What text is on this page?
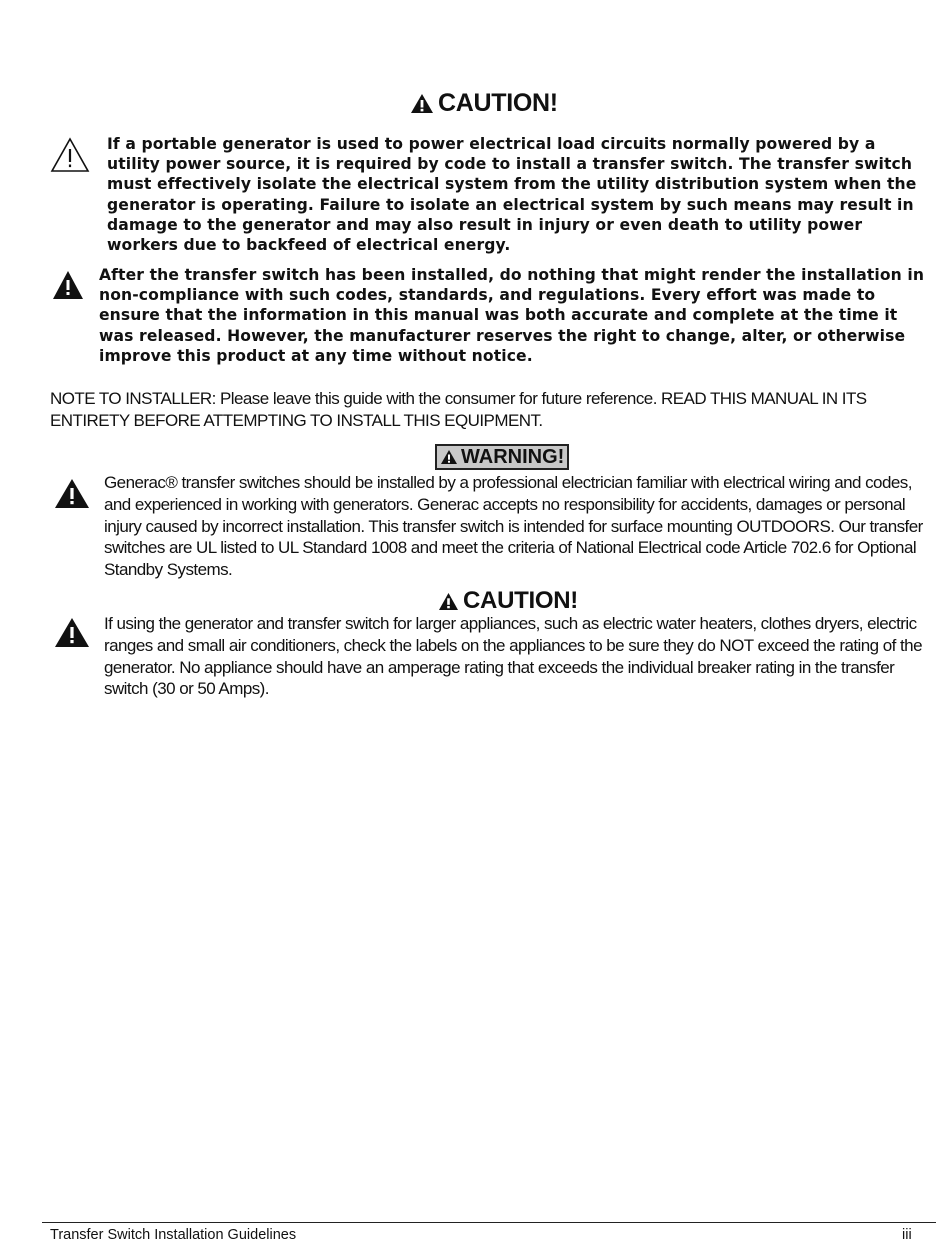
CAUTION!
If a portable generator is used to power electrical load circuits normally powered by a utility power source, it is required by code to install a transfer switch. The transfer switch must effectively isolate the electrical system from the utility distribution system when the generator is operating. Failure to isolate an electrical system by such means may result in damage to the generator and may also result in injury or even death to utility power workers due to backfeed of electrical energy.
After the transfer switch has been installed, do nothing that might render the installation in non-compliance with such codes, standards, and regulations. Every effort was made to ensure that the information in this manual was both accurate and complete at the time it was released. However, the manufacturer reserves the right to change, alter, or otherwise improve this product at any time without notice.
NOTE TO INSTALLER: Please leave this guide with the consumer for future reference. READ THIS MANUAL IN ITS ENTIRETY BEFORE ATTEMPTING TO INSTALL THIS EQUIPMENT.
WARNING!
Generac® transfer switches should be installed by a professional electrician familiar with electrical wiring and codes, and experienced in working with generators. Generac accepts no responsibility for accidents, damages or personal injury caused by incorrect installation. This transfer switch is intended for surface mounting OUTDOORS. Our transfer switches are UL listed to UL Standard 1008 and meet the criteria of National Electrical code Article 702.6 for Optional Standby Systems.
CAUTION!
If using the generator and transfer switch for larger appliances, such as electric water heaters, clothes dryers, electric ranges and small air conditioners, check the labels on the appliances to be sure they do NOT exceed the rating of the generator. No appliance should have an amperage rating that exceeds the individual breaker rating in the transfer switch (30 or 50 Amps).
Transfer Switch Installation Guidelines	iii
